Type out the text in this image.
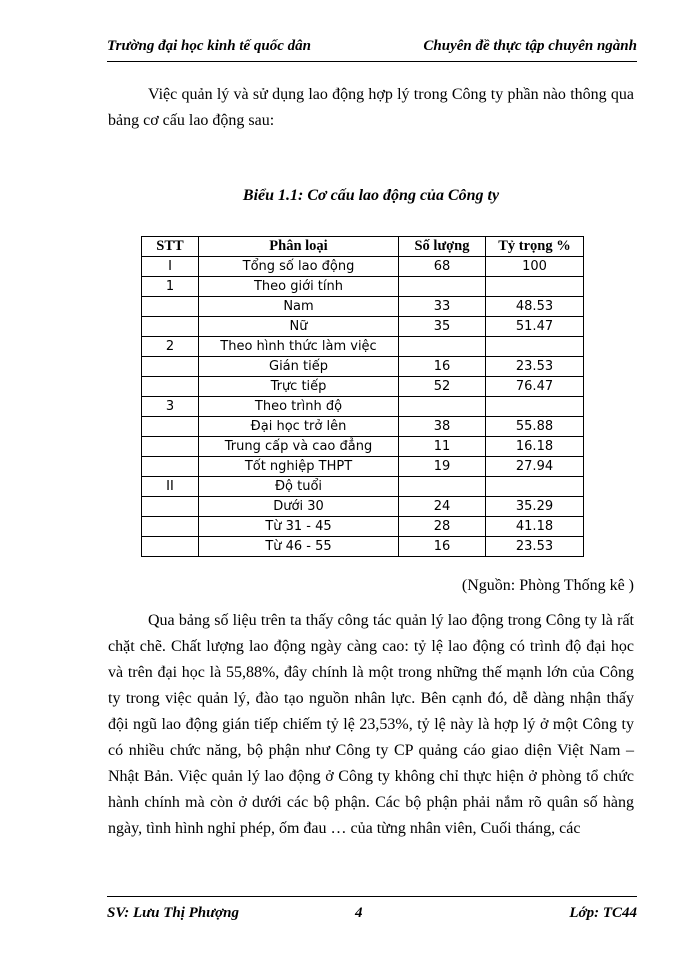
Trường đại học kinh tế quốc dân	Chuyên đề thực tập chuyên ngành

Việc quản lý và sử dụng lao động hợp lý trong Công ty phần nào thông qua bảng cơ cấu lao động sau:

Biểu 1.1: Cơ cấu lao động của Công ty
STT	Phân loại	Số lượng	Tỷ trọng %
I	Tổng số lao động	68	100
1	Theo giới tính		
	Nam	33	48.53
	Nữ	35	51.47
2	Theo hình thức làm việc		
	Gián tiếp	16	23.53
	Trực tiếp	52	76.47
3	Theo trình độ		
	Đại học trở lên	38	55.88
	Trung cấp và cao đẳng	11	16.18
	Tốt nghiệp THPT	19	27.94
II	Độ tuổi		
	Dưới 30	24	35.29
	Từ 31 - 45	28	41.18
	Từ 46 - 55	16	23.53
(Nguồn: Phòng Thống kê )

Qua bảng số liệu trên ta thấy công tác quản lý lao động trong Công ty là rất chặt chẽ. Chất lượng lao động ngày càng cao: tỷ lệ lao động có trình độ đại học và trên đại học là 55,88%, đây chính là một trong những thế mạnh lớn của Công ty trong việc quản lý, đào tạo nguồn nhân lực. Bên cạnh đó, dễ dàng nhận thấy đội ngũ lao động gián tiếp chiếm tỷ lệ 23,53%, tỷ lệ này là hợp lý ở một Công ty có nhiều chức năng, bộ phận như Công ty CP quảng cáo giao diện Việt Nam – Nhật Bản. Việc quản lý lao động ở Công ty không chỉ thực hiện ở phòng tổ chức hành chính mà còn ở dưới các bộ phận. Các bộ phận phải nắm rõ quân số hàng ngày, tình hình nghỉ phép, ốm đau … của từng nhân viên, Cuối tháng, các

SV: Lưu Thị Phượng	4	Lớp: TC44
